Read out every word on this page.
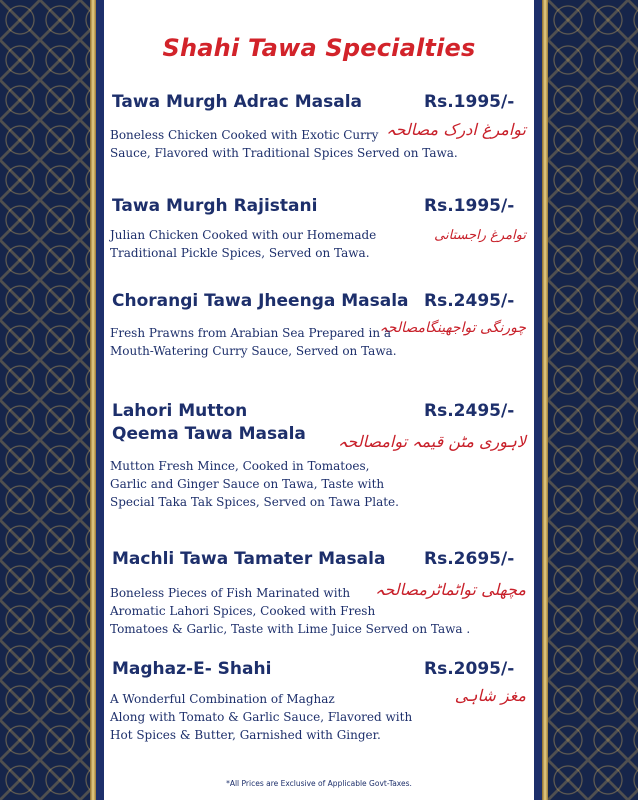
Shahi Tawa Specialties
Tawa Murgh Adrac Masala	Rs.1995/-
توامرغ ادرک مصالحہ
Boneless Chicken Cooked with Exotic Curry
Sauce, Flavored with Traditional Spices Served on Tawa.
Tawa Murgh Rajistani	Rs.1995/-
توامرغ راجستانی
Julian Chicken Cooked with our Homemade
Traditional Pickle Spices, Served on Tawa.
Chorangi Tawa Jheenga Masala Rs.2495/-
چورنگی تواجھینگامصالحہ
Fresh Prawns from Arabian Sea Prepared in a
Mouth-Watering Curry Sauce, Served on Tawa.
Lahori Mutton
Qeema Tawa Masala
Rs.2495/-
لاہوری مٹن قیمہ توامصالحہ
Mutton Fresh Mince, Cooked in Tomatoes,
Garlic and Ginger Sauce on Tawa, Taste with
Special Taka Tak Spices, Served on Tawa Plate.
Machli Tawa Tamater Masala	Rs.2695/-
مچھلی تواٹماٹرمصالحہ
Boneless Pieces of Fish Marinated with
Aromatic Lahori Spices, Cooked with Fresh
Tomatoes & Garlic, Taste with Lime Juice Served on Tawa .
Maghaz-E- Shahi	Rs.2095/-
مغز شاہی
A Wonderful Combination of Maghaz
Along with Tomato & Garlic Sauce, Flavored with
Hot Spices & Butter, Garnished with Ginger.
*All Prices are Exclusive of Applicable Govt-Taxes.
